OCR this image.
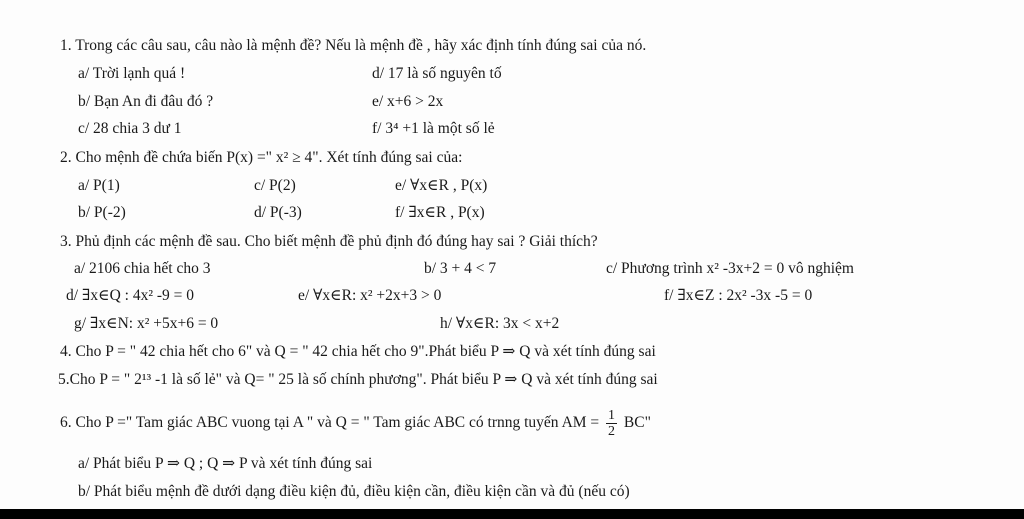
1. Trong các câu sau, câu nào là mệnh đề? Nếu là mệnh đề , hãy xác định tính đúng sai của nó.
a/ Trời lạnh quá !	d/ 17 là số nguyên tố
b/ Bạn An đi đâu đó ?	e/ x+6 > 2x
c/ 28 chia 3 dư 1	f/ 3⁴ +1 là một số lẻ
2. Cho mệnh đề chứa biến P(x) =" x² ≥ 4". Xét tính đúng sai của:
a/ P(1)	c/ P(2)	e/ ∀x∈R , P(x)
b/ P(-2)	d/ P(-3)	f/ ∃x∈R , P(x)
3. Phủ định các mệnh đề sau. Cho biết mệnh đề phủ định đó đúng hay sai ? Giải thích?
a/ 2106 chia hết cho 3	b/ 3 + 4 < 7	c/ Phương trình x² -3x+2 = 0 vô nghiệm
d/ ∃x∈Q : 4x² -9 = 0	e/ ∀x∈R: x² +2x+3 > 0	f/ ∃x∈Z : 2x² -3x -5 = 0
g/ ∃x∈N: x² +5x+6 = 0	h/ ∀x∈R: 3x < x+2
4. Cho P = " 42 chia hết cho 6" và Q = " 42 chia hết cho 9".Phát biểu P ⇒ Q và xét tính đúng sai
5.Cho P = " 2¹³ -1 là số lẻ" và Q= " 25 là số chính phương". Phát biểu P ⇒ Q và xét tính đúng sai
6. Cho P =" Tam giác ABC vuong tại A " và Q = " Tam giác ABC có trnng tuyến AM = $\frac{1}{2}$ BC"
a/ Phát biểu P ⇒ Q ; Q ⇒ P và xét tính đúng sai
b/ Phát biểu mệnh đề dưới dạng điều kiện đủ, điều kiện cần, điều kiện cần và đủ (nếu có)
